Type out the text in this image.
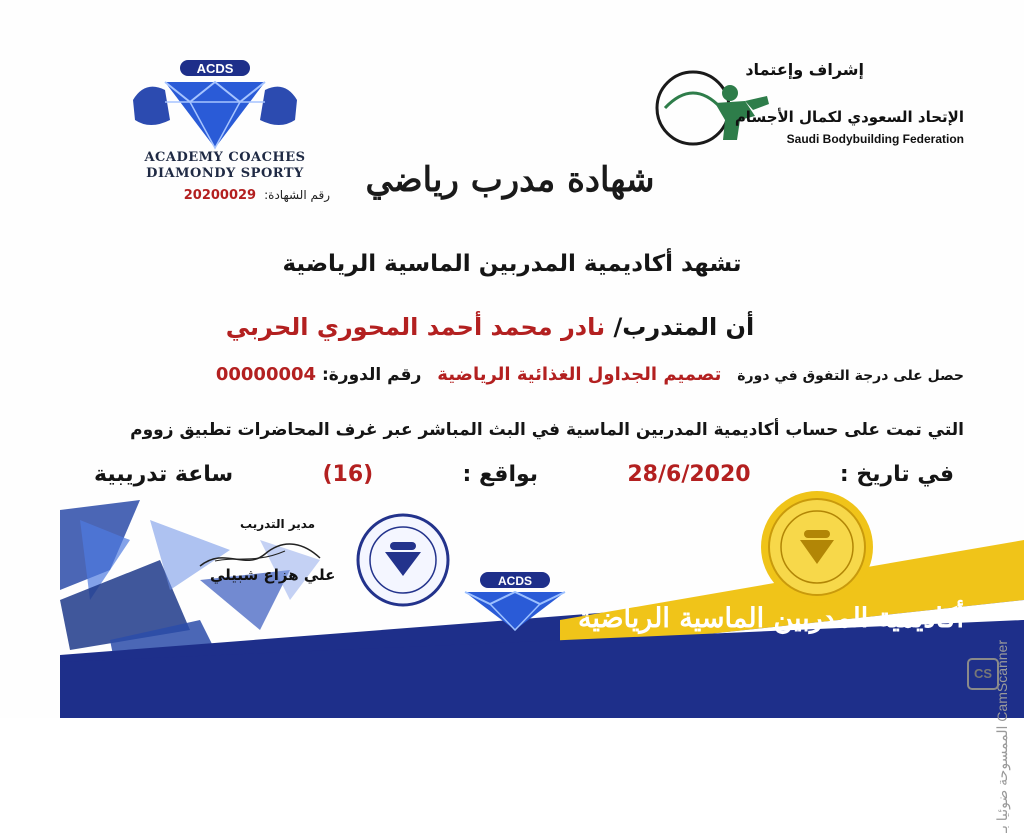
أكاديمية المدربين الماسية الرياضية
ACDS
ACDS
ACADEMY COACHES
DIAMONDY SPORTY
رقم الشهادة:
20200029
إشراف وإعتماد
الإتحاد السعودي لكمال الأجسام
Saudi Bodybuilding Federation
شهادة مدرب رياضي
تشهد أكاديمية المدربين الماسية الرياضية
أن المتدرب/ نادر محمد أحمد المحوري الحربي
حصل على درجة التفوق في دورة تصميم الجداول الغذائية الرياضية رقم الدورة: 00000004
التي تمت على حساب أكاديمية المدربين الماسية في البث المباشر عبر غرف المحاضرات تطبيق زووم
في تاريخ :
28/6/2020
بواقع :
(16)
ساعة تدريبية
مدير التدريب
علي هزاع شبيلي
الممسوحة ضوئيا بـ CamScanner
CS
